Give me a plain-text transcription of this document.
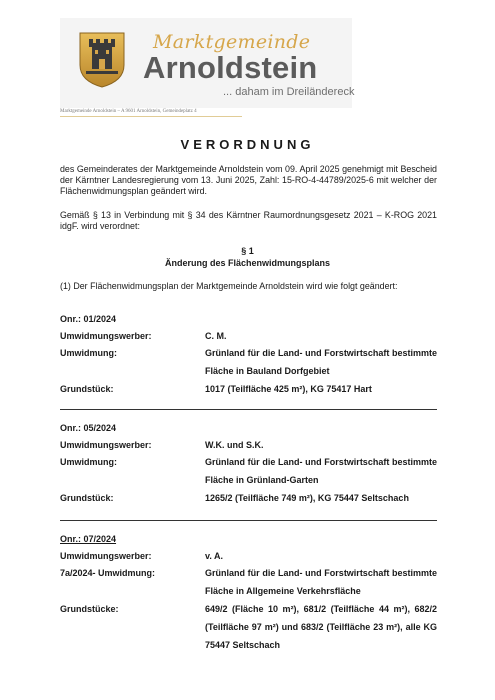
Marktgemeinde
Arnoldstein
... daham im Dreiländereck
Marktgemeinde Arnoldstein – A 9601 Arnoldstein, Gemeindeplatz 4
VERORDNUNG
des Gemeinderates der Marktgemeinde Arnoldstein vom 09. April 2025 genehmigt mit Bescheid der Kärntner Landesregierung vom 13. Juni 2025, Zahl: 15-RO-4-44789/2025-6 mit welcher der Flächenwidmungsplan geändert wird.
Gemäß § 13 in Verbindung mit § 34 des Kärntner Raumordnungsgesetz 2021 – K-ROG 2021 idgF. wird verordnet:
§ 1
Änderung des Flächenwidmungsplans
(1) Der Flächenwidmungsplan der Marktgemeinde Arnoldstein wird wie folgt geändert:
Onr.: 01/2024
Umwidmungswerber:	C. M.
Umwidmung:	Grünland für die Land- und Forstwirtschaft bestimmte Fläche in Bauland Dorfgebiet
Grundstück:	1017 (Teilfläche 425 m²), KG 75417 Hart
Onr.: 05/2024
Umwidmungswerber:	W.K. und S.K.
Umwidmung:	Grünland für die Land- und Forstwirtschaft bestimmte Fläche in Grünland-Garten
Grundstück:	1265/2 (Teilfläche 749 m²), KG 75447 Seltschach
Onr.: 07/2024
Umwidmungswerber:	v. A.
7a/2024- Umwidmung:	Grünland für die Land- und Forstwirtschaft bestimmte Fläche in Allgemeine Verkehrsfläche
Grundstücke:	649/2 (Fläche 10 m²), 681/2 (Teilfläche 44 m²), 682/2 (Teilfläche 97 m²) und 683/2 (Teilfläche 23 m²), alle KG 75447 Seltschach
